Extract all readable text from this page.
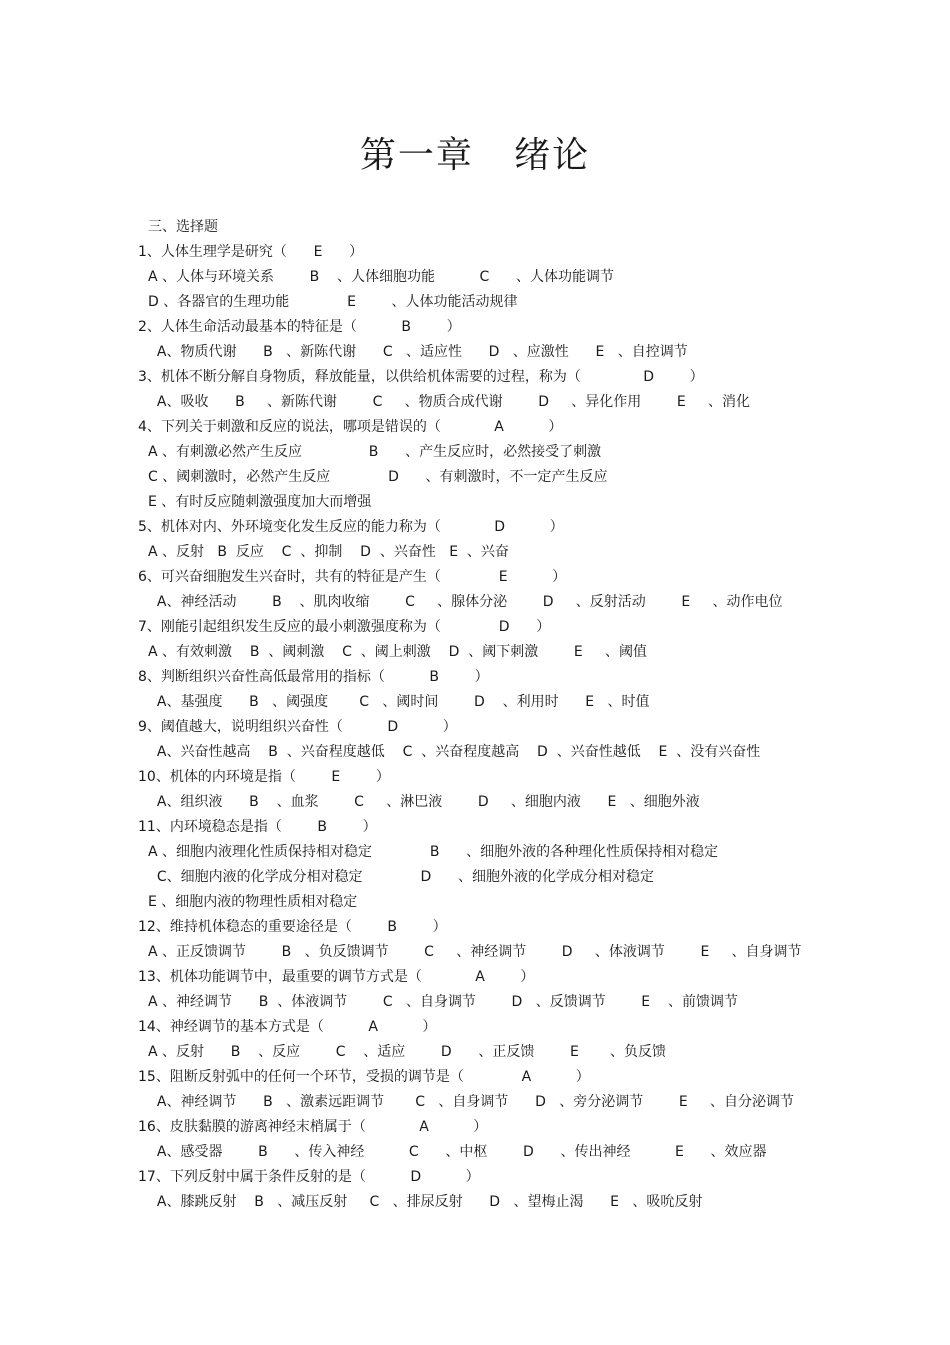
第一章   绪论
三、选择题
1、人体生理学是研究（      E      ）
A 、人体与环境关系        B    、人体细胞功能          C      、人体功能调节
D 、各器官的生理功能             E        、人体功能活动规律
2、人体生命活动最基本的特征是（          B        ）
A、物质代谢      B   、新陈代谢      C   、适应性      D   、应激性      E   、自控调节
3、机体不断分解自身物质，释放能量，以供给机体需要的过程，称为（              D        ）
A、吸收      B     、新陈代谢        C     、物质合成代谢        D     、异化作用        E     、消化
4、下列关于刺激和反应的说法，哪项是错误的（            A          ）
A 、有刺激必然产生反应               B      、产生反应时，必然接受了刺激
C 、阈刺激时，必然产生反应             D      、有刺激时，不一定产生反应
E 、有时反应随刺激强度加大而增强
5、机体对内、外环境变化发生反应的能力称为（            D          ）
A 、反射   B  反应    C  、抑制    D  、兴奋性   E  、兴奋
6、可兴奋细胞发生兴奋时，共有的特征是产生（             E          ）
A、神经活动        B    、肌肉收缩        C     、腺体分泌        D     、反射活动        E     、动作电位
7、刚能引起组织发生反应的最小刺激强度称为（             D      ）
A 、有效刺激    B  、阈刺激    C  、阈上刺激    D  、阈下刺激        E     、阈值
8、判断组织兴奋性高低最常用的指标（          B        ）
A、基强度      B   、阈强度       C   、阈时间        D    、利用时      E   、时值
9、阈值越大，说明组织兴奋性（          D          ）
A、兴奋性越高    B  、兴奋程度越低    C  、兴奋程度越高    D  、兴奋性越低    E  、没有兴奋性
10、机体的内环境是指（        E        ）
A、组织液      B    、血浆        C     、淋巴液        D     、细胞内液      E   、细胞外液
11、内环境稳态是指（        B        ）
A 、细胞内液理化性质保持相对稳定             B      、细胞外液的各种理化性质保持相对稳定
C、细胞内液的化学成分相对稳定             D      、细胞外液的化学成分相对稳定
E 、细胞内液的物理性质相对稳定
12、维持机体稳态的重要途径是（        B        ）
A 、正反馈调节        B   、负反馈调节        C     、神经调节        D     、体液调节        E     、自身调节
13、机体功能调节中，最重要的调节方式是（            A        ）
A 、神经调节      B  、体液调节        C   、自身调节        D   、反馈调节        E    、前馈调节
14、神经调节的基本方式是（          A          ）
A 、反射      B    、反应        C    、适应        D      、正反馈        E       、负反馈
15、阻断反射弧中的任何一个环节，受损的调节是（             A          ）
A、神经调节      B   、激素远距调节       C   、自身调节      D   、旁分泌调节        E     、自分泌调节
16、皮肤黏膜的游离神经末梢属于（            A          ）
A、感受器        B      、传入神经          C      、中枢        D      、传出神经          E      、效应器
17、下列反射中属于条件反射的是（          D          ）
A、膝跳反射    B   、减压反射     C   、排尿反射      D   、望梅止渴      E   、吸吮反射
